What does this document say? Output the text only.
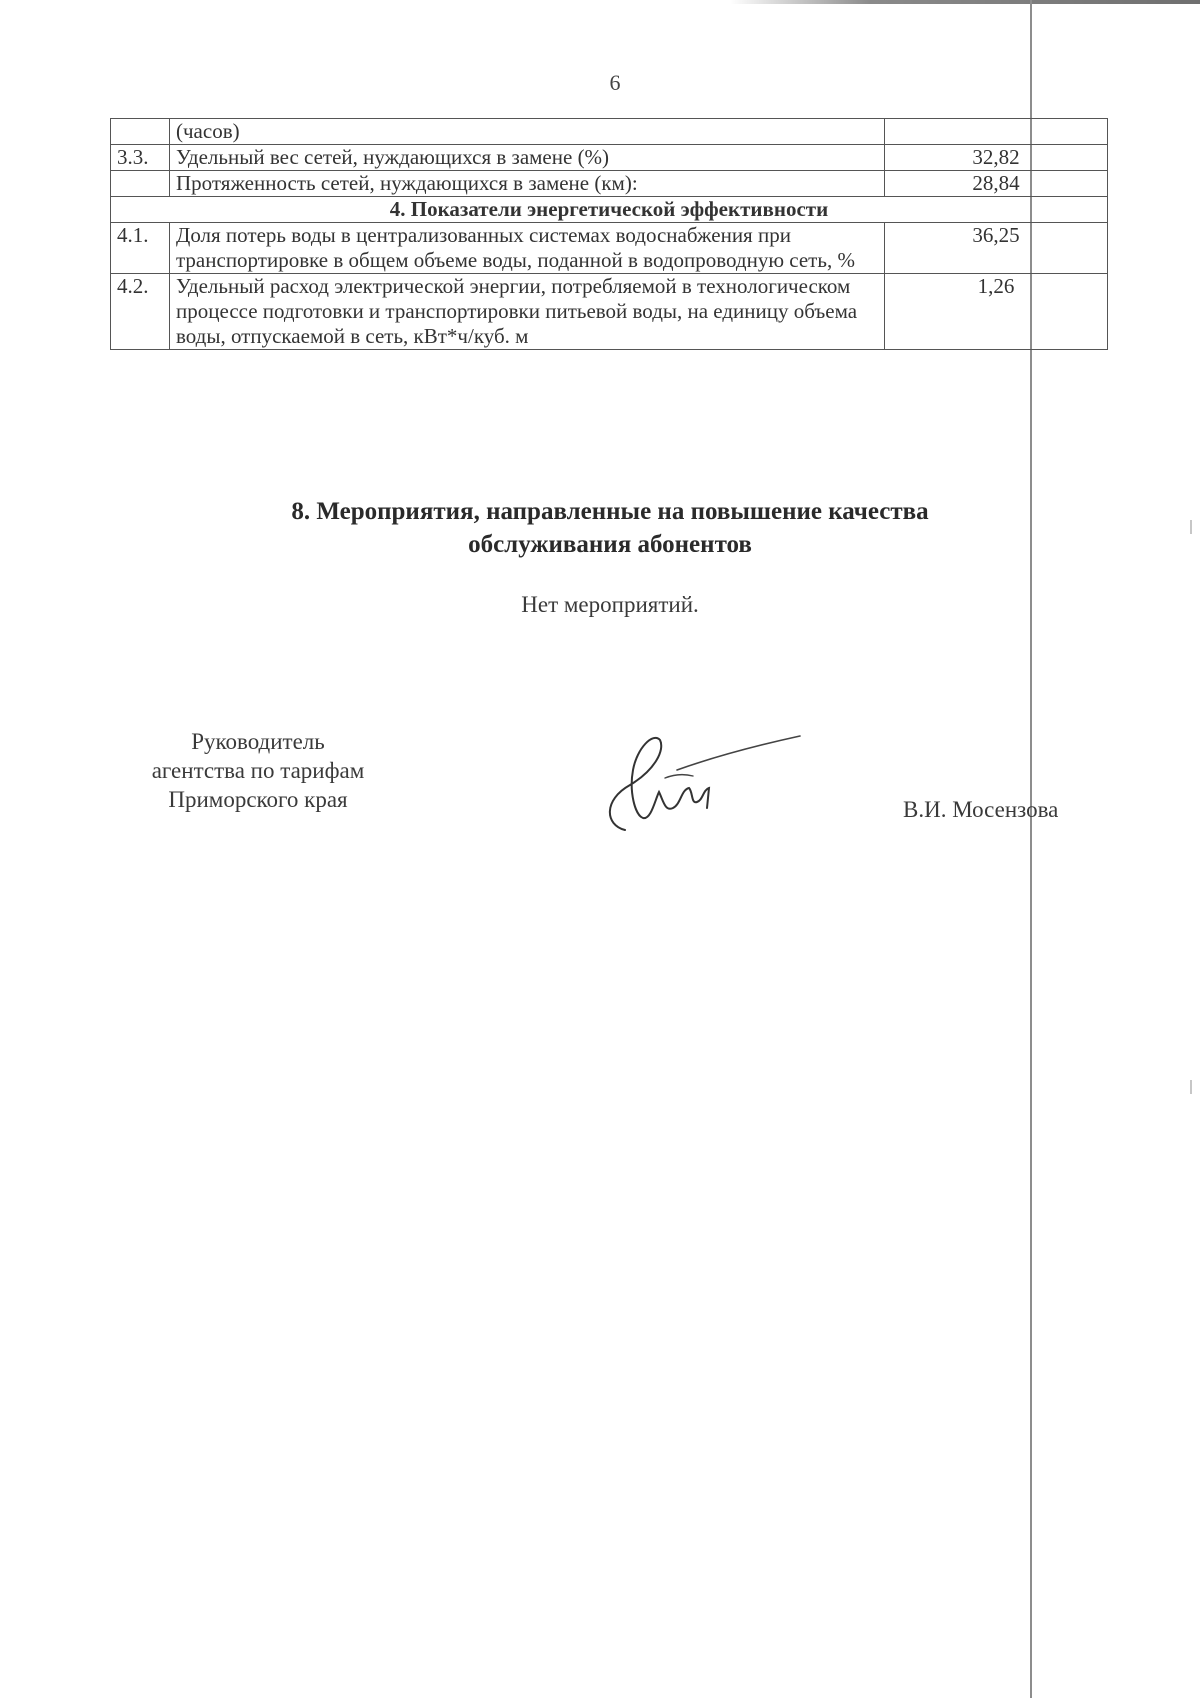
6
	(часов)	
3.3.	Удельный вес сетей, нуждающихся в замене (%)	32,82
	Протяженность сетей, нуждающихся в замене (км):	28,84
4. Показатели энергетической эффективности		
4.1.	Доля потерь воды в централизованных системах водоснабжения при транспортировке в общем объеме воды, поданной в водопроводную сеть, %	36,25
4.2.	Удельный расход электрической энергии, потребляемой в технологическом процессе подготовки и транспортировки питьевой воды, на единицу объема воды, отпускаемой в сеть, кВт*ч/куб. м	1,26
8. Мероприятия, направленные на повышение качества
обслуживания абонентов
Нет мероприятий.
Руководитель
агентства по тарифам
Приморского края	В.И. Мосензова
